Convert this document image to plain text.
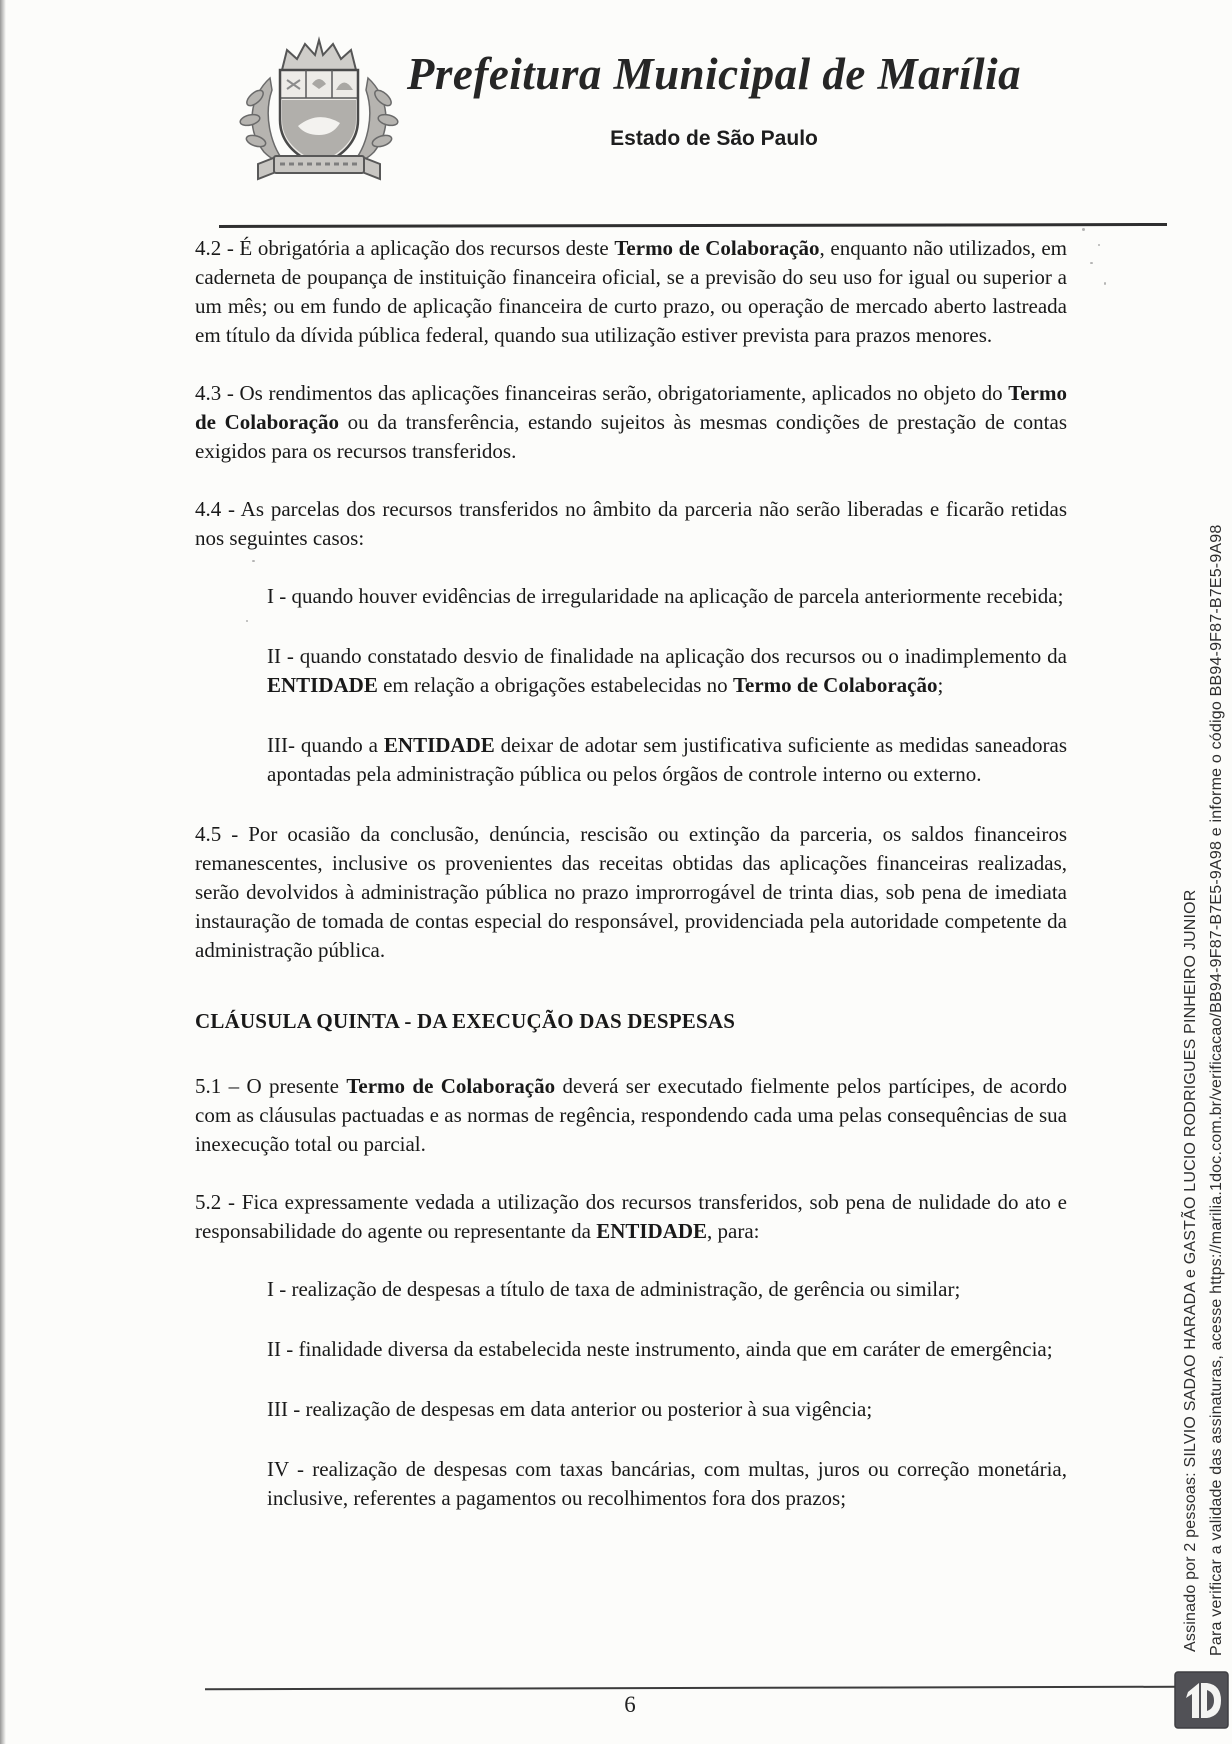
Prefeitura Municipal de Marília
Estado de São Paulo

4.2 - É obrigatória a aplicação dos recursos deste Termo de Colaboração, enquanto não utilizados, em caderneta de poupança de instituição financeira oficial, se a previsão do seu uso for igual ou superior a um mês; ou em fundo de aplicação financeira de curto prazo, ou operação de mercado aberto lastreada em título da dívida pública federal, quando sua utilização estiver prevista para prazos menores.

4.3 - Os rendimentos das aplicações financeiras serão, obrigatoriamente, aplicados no objeto do Termo de Colaboração ou da transferência, estando sujeitos às mesmas condições de prestação de contas exigidos para os recursos transferidos.

4.4 - As parcelas dos recursos transferidos no âmbito da parceria não serão liberadas e ficarão retidas nos seguintes casos:

I - quando houver evidências de irregularidade na aplicação de parcela anteriormente recebida;

II - quando constatado desvio de finalidade na aplicação dos recursos ou o inadimplemento da ENTIDADE em relação a obrigações estabelecidas no Termo de Colaboração;

III- quando a ENTIDADE deixar de adotar sem justificativa suficiente as medidas saneadoras apontadas pela administração pública ou pelos órgãos de controle interno ou externo.

4.5 - Por ocasião da conclusão, denúncia, rescisão ou extinção da parceria, os saldos financeiros remanescentes, inclusive os provenientes das receitas obtidas das aplicações financeiras realizadas, serão devolvidos à administração pública no prazo improrrogável de trinta dias, sob pena de imediata instauração de tomada de contas especial do responsável, providenciada pela autoridade competente da administração pública.

CLÁUSULA QUINTA - DA EXECUÇÃO DAS DESPESAS

5.1 – O presente Termo de Colaboração deverá ser executado fielmente pelos partícipes, de acordo com as cláusulas pactuadas e as normas de regência, respondendo cada uma pelas consequências de sua inexecução total ou parcial.

5.2 - Fica expressamente vedada a utilização dos recursos transferidos, sob pena de nulidade do ato e responsabilidade do agente ou representante da ENTIDADE, para:

I - realização de despesas a título de taxa de administração, de gerência ou similar;

II - finalidade diversa da estabelecida neste instrumento, ainda que em caráter de emergência;

III - realização de despesas em data anterior ou posterior à sua vigência;

IV - realização de despesas com taxas bancárias, com multas, juros ou correção monetária, inclusive, referentes a pagamentos ou recolhimentos fora dos prazos;	Assinado por 2 pessoas: SILVIO SADAO HARADA e GASTÃO LUCIO RODRIGUES PINHEIRO JUNIOR Para verificar a validade das assinaturas, acesse https://marilia.1doc.com.br/verificacao/BB94-9F87-B7E5-9A98 e informe o código BB94-9F87-B7E5-9A98
6
